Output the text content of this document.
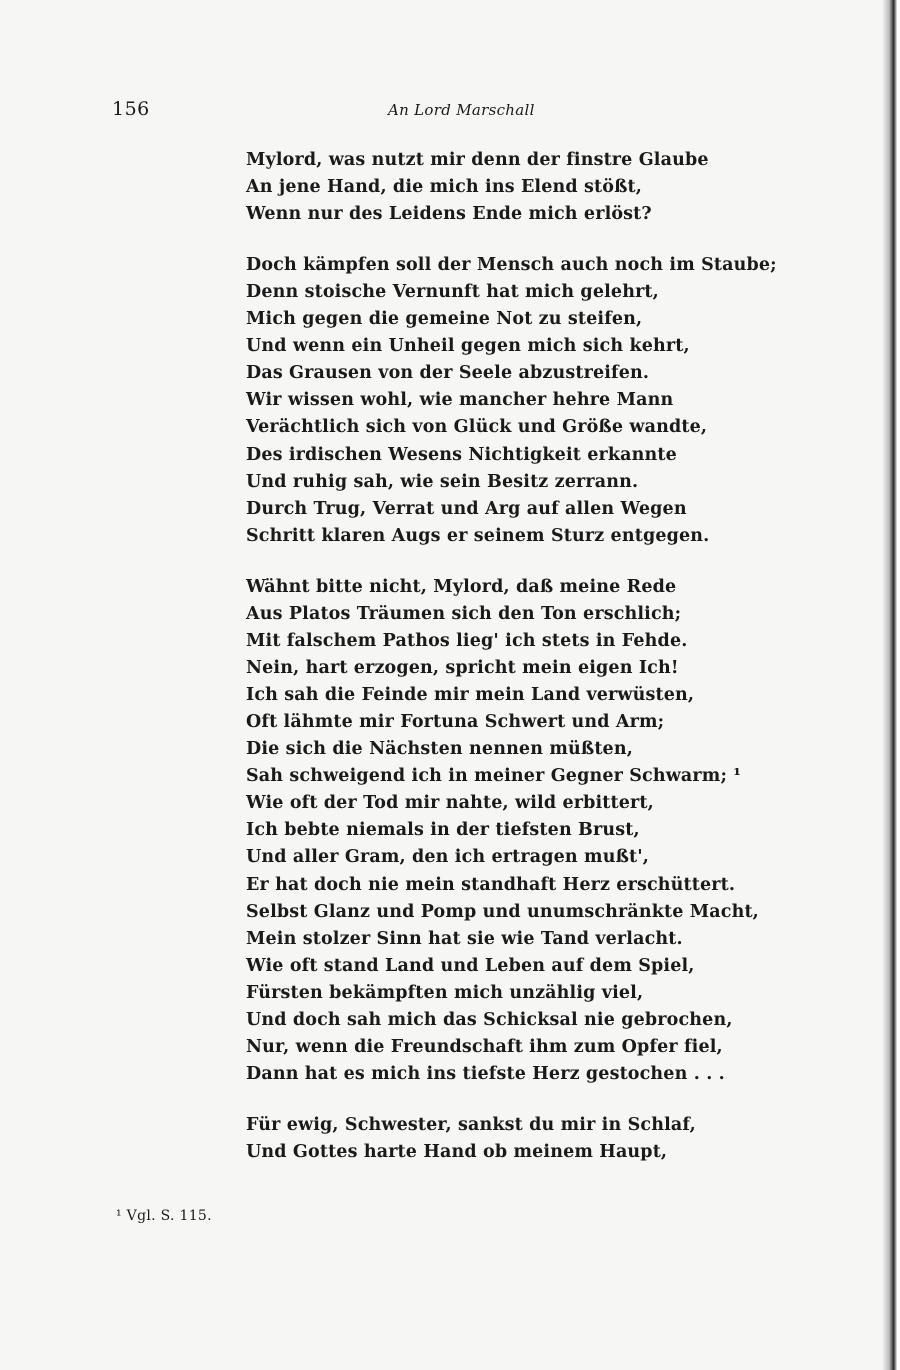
156	An Lord Marschall
Mylord, was nutzt mir denn der finstre Glaube
An jene Hand, die mich ins Elend stößt,
Wenn nur des Leidens Ende mich erlöst?
Doch kämpfen soll der Mensch auch noch im Staube;
Denn stoische Vernunft hat mich gelehrt,
Mich gegen die gemeine Not zu steifen,
Und wenn ein Unheil gegen mich sich kehrt,
Das Grausen von der Seele abzustreifen.
Wir wissen wohl, wie mancher hehre Mann
Verächtlich sich von Glück und Größe wandte,
Des irdischen Wesens Nichtigkeit erkannte
Und ruhig sah, wie sein Besitz zerrann.
Durch Trug, Verrat und Arg auf allen Wegen
Schritt klaren Augs er seinem Sturz entgegen.
Wähnt bitte nicht, Mylord, daß meine Rede
Aus Platos Träumen sich den Ton erschlich;
Mit falschem Pathos lieg' ich stets in Fehde.
Nein, hart erzogen, spricht mein eigen Ich!
Ich sah die Feinde mir mein Land verwüsten,
Oft lähmte mir Fortuna Schwert und Arm;
Die sich die Nächsten nennen müßten,
Sah schweigend ich in meiner Gegner Schwarm; ¹
Wie oft der Tod mir nahte, wild erbittert,
Ich bebte niemals in der tiefsten Brust,
Und aller Gram, den ich ertragen mußt',
Er hat doch nie mein standhaft Herz erschüttert.
Selbst Glanz und Pomp und unumschränkte Macht,
Mein stolzer Sinn hat sie wie Tand verlacht.
Wie oft stand Land und Leben auf dem Spiel,
Fürsten bekämpften mich unzählig viel,
Und doch sah mich das Schicksal nie gebrochen,
Nur, wenn die Freundschaft ihm zum Opfer fiel,
Dann hat es mich ins tiefste Herz gestochen . . .
Für ewig, Schwester, sankst du mir in Schlaf,
Und Gottes harte Hand ob meinem Haupt,
¹ Vgl. S. 115.
